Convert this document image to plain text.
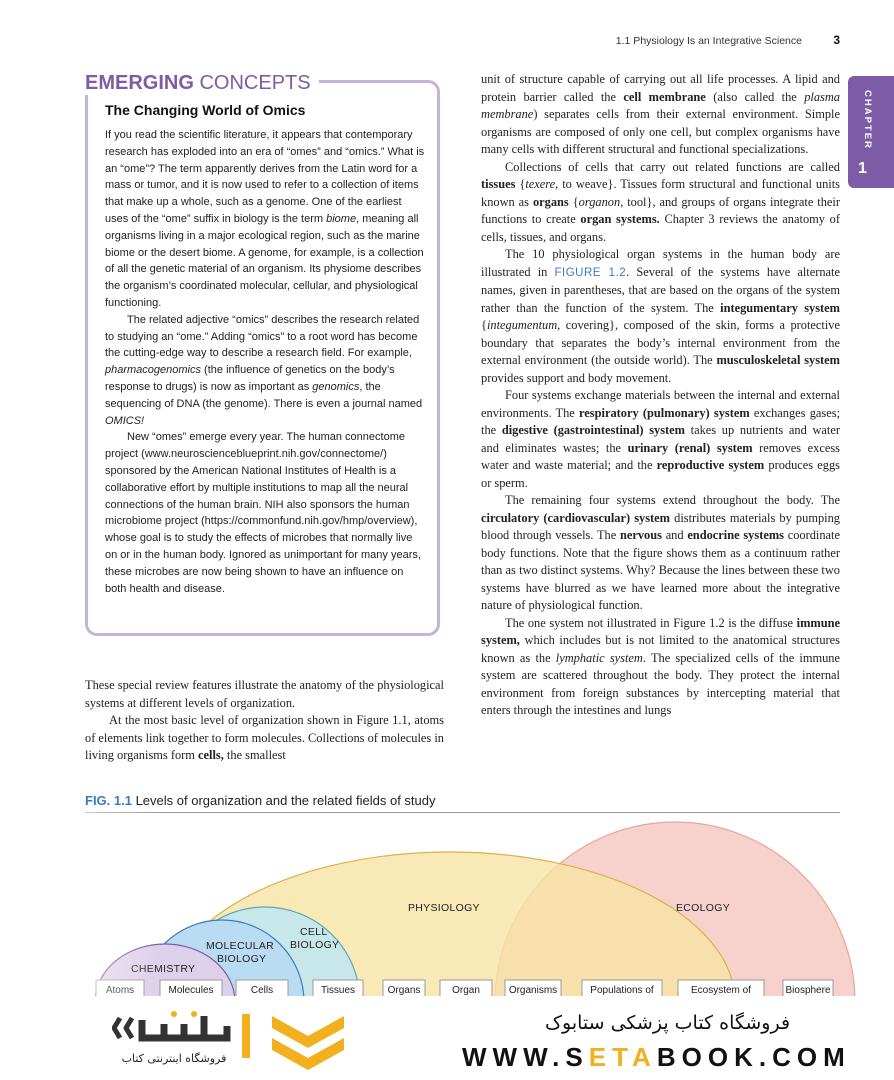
1.1 Physiology Is an Integrative Science	3
CHAPTER
1
EMERGING CONCEPTS
The Changing World of Omics

If you read the scientific literature, it appears that contemporary research has exploded into an era of “omes” and “omics.” What is an “ome”? The term apparently derives from the Latin word for a mass or tumor, and it is now used to refer to a collection of items that make up a whole, such as a genome. One of the earliest uses of the “ome” suffix in biology is the term biome, meaning all organisms living in a major ecological region, such as the marine biome or the desert biome. A genome, for example, is a collection of all the genetic material of an organism. Its physiome describes the organism’s coordinated molecular, cellular, and physiological functioning.

The related adjective “omics” describes the research related to studying an “ome.” Adding “omics” to a root word has become the cutting-edge way to describe a research field. For example, pharmacogenomics (the influence of genetics on the body’s response to drugs) is now as important as genomics, the sequencing of DNA (the genome). There is even a journal named OMICS!

New “omes” emerge every year. The human connectome project (www.neuroscienceblueprint.nih.gov/connectome/) sponsored by the American National Institutes of Health is a collaborative effort by multiple institutions to map all the neural connections of the human brain. NIH also sponsors the human microbiome project (https://commonfund.nih.gov/hmp/overview), whose goal is to study the effects of microbes that normally live on or in the human body. Ignored as unimportant for many years, these microbes are now being shown to have an influence on both health and disease.

unit of structure capable of carrying out all life processes. A lipid and protein barrier called the cell membrane (also called the plasma membrane) separates cells from their external environment. Simple organisms are composed of only one cell, but complex organisms have many cells with different structural and functional specializations.

Collections of cells that carry out related functions are called tissues {texere, to weave}. Tissues form structural and functional units known as organs {organon, tool}, and groups of organs integrate their functions to create organ systems. Chapter 3 reviews the anatomy of cells, tissues, and organs.

The 10 physiological organ systems in the human body are illustrated in FIGURE 1.2. Several of the systems have alternate names, given in parentheses, that are based on the organs of the system rather than the function of the system. The integumentary system {integumentum, covering}, composed of the skin, forms a protective boundary that separates the body’s internal environment from the external environment (the outside world). The musculoskeletal system provides support and body movement.

Four systems exchange materials between the internal and external environments. The respiratory (pulmonary) system exchanges gases; the digestive (gastrointestinal) system takes up nutrients and water and eliminates wastes; the urinary (renal) system removes excess water and waste material; and the reproductive system produces eggs or sperm.

The remaining four systems extend throughout the body. The circulatory (cardiovascular) system distributes materials by pumping blood through vessels. The nervous and endocrine systems coordinate body functions. Note that the figure shows them as a continuum rather than as two distinct systems. Why? Because the lines between these two systems have blurred as we have learned more about the integrative nature of physiological function.

The one system not illustrated in Figure 1.2 is the diffuse immune system, which includes but is not limited to the anatomical structures known as the lymphatic system. The specialized cells of the immune system are scattered throughout the body. They protect the internal environment from foreign substances by intercepting material that enters through the intestines and lungs

These special review features illustrate the anatomy of the physiological systems at different levels of organization.

At the most basic level of organization shown in Figure 1.1, atoms of elements link together to form molecules. Collections of molecules in living organisms form cells, the smallest

FIG. 1.1 Levels of organization and the related fields of study
فروشگاه اینترنتی کتاب
فروشگاه کتاب پزشکی ستابوک
WWW.SETABOOK.COM
